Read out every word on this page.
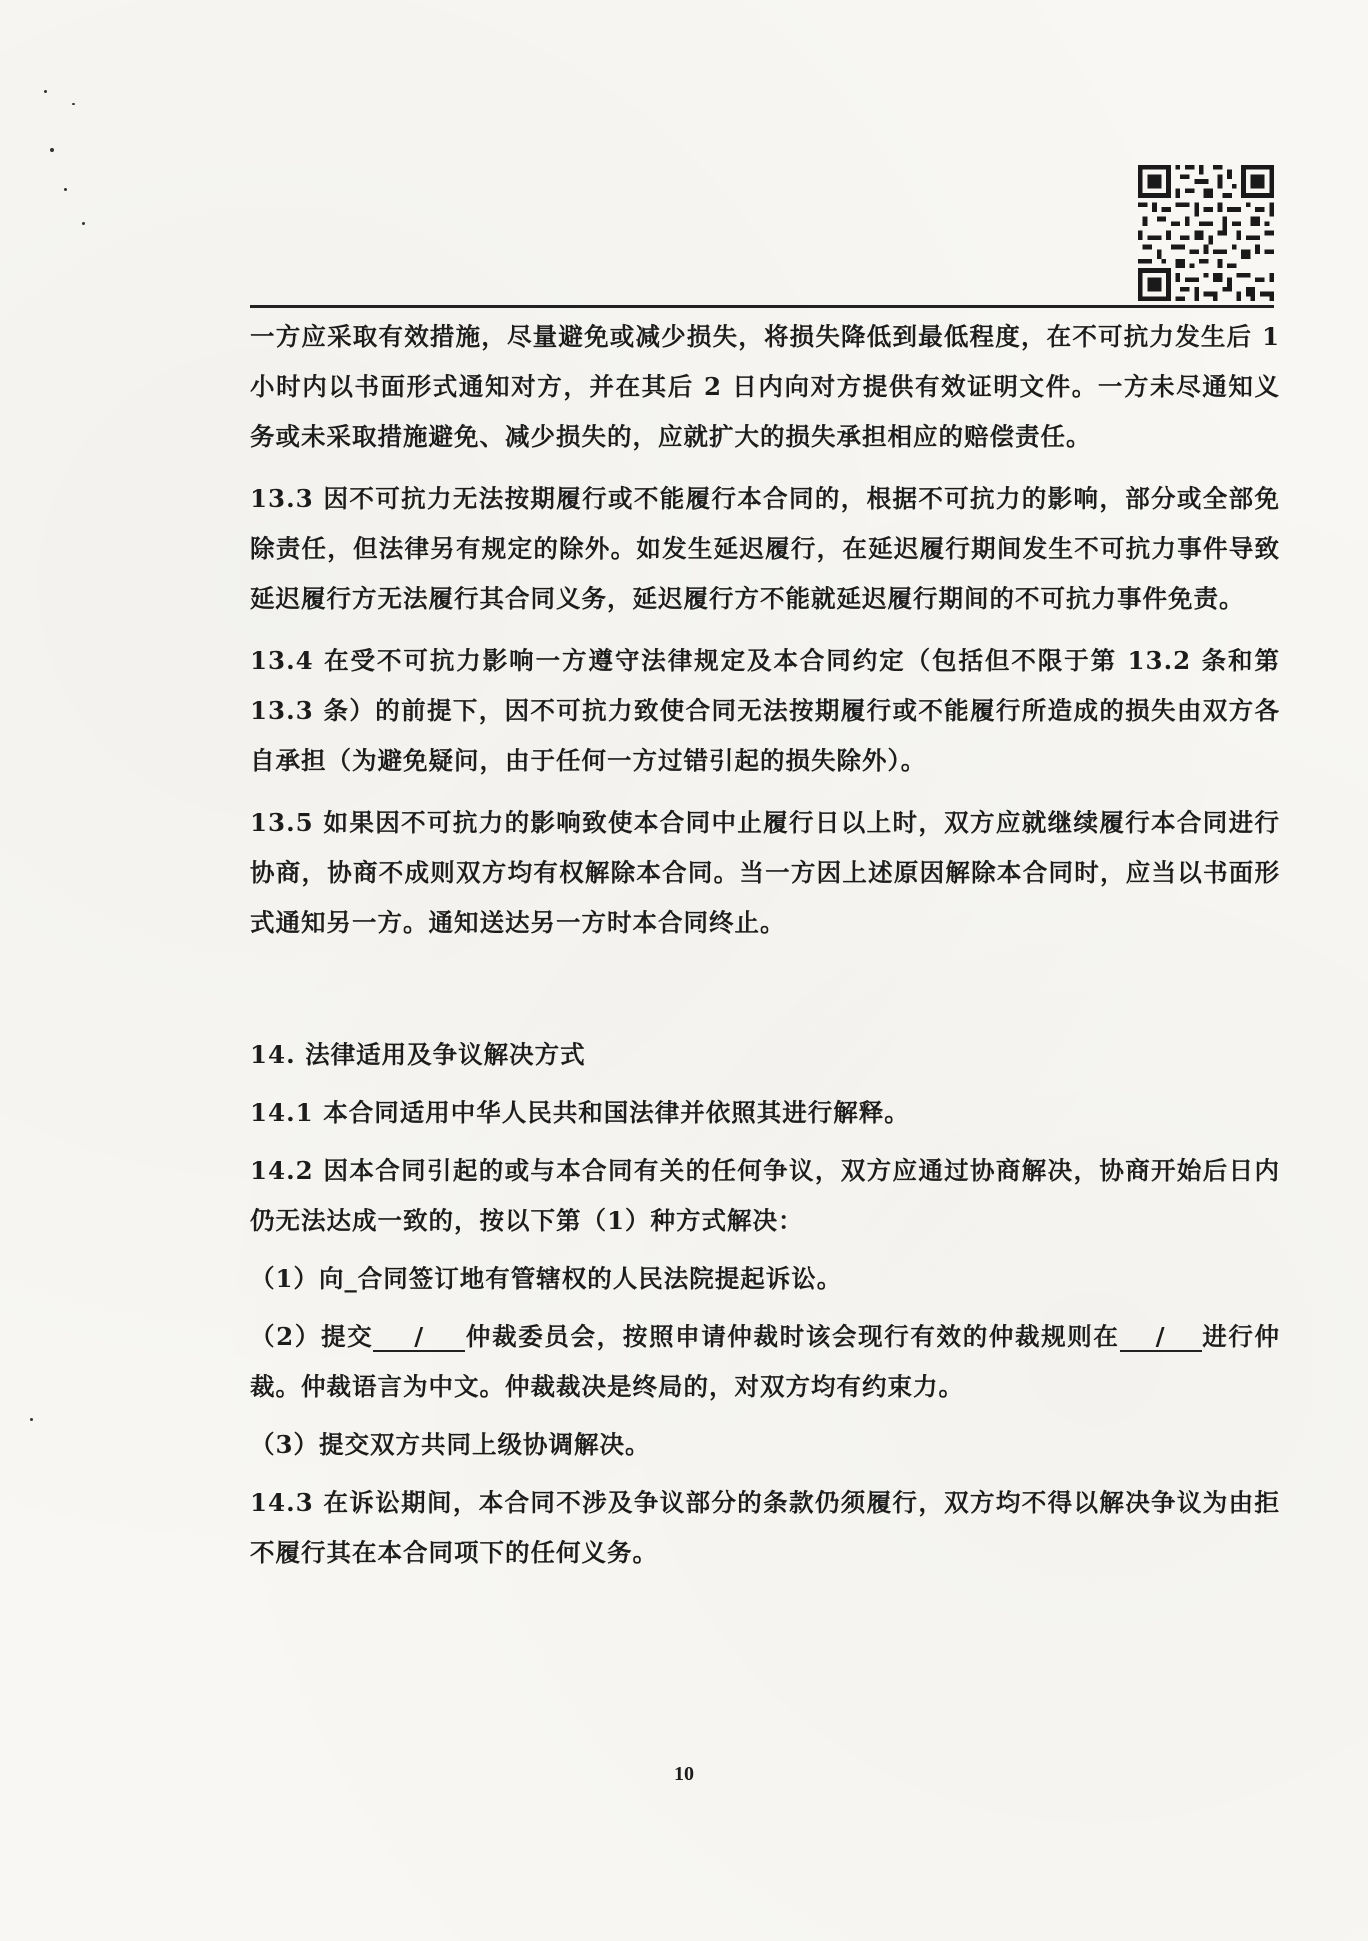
一方应采取有效措施，尽量避免或减少损失，将损失降低到最低程度，在不可抗力发生后 1 小时内以书面形式通知对方，并在其后 2 日内向对方提供有效证明文件。一方未尽通知义务或未采取措施避免、减少损失的，应就扩大的损失承担相应的赔偿责任。

13.3 因不可抗力无法按期履行或不能履行本合同的，根据不可抗力的影响，部分或全部免除责任，但法律另有规定的除外。如发生延迟履行，在延迟履行期间发生不可抗力事件导致延迟履行方无法履行其合同义务，延迟履行方不能就延迟履行期间的不可抗力事件免责。

13.4 在受不可抗力影响一方遵守法律规定及本合同约定（包括但不限于第 13.2 条和第 13.3 条）的前提下，因不可抗力致使合同无法按期履行或不能履行所造成的损失由双方各自承担（为避免疑问，由于任何一方过错引起的损失除外）。

13.5 如果因不可抗力的影响致使本合同中止履行日以上时，双方应就继续履行本合同进行协商，协商不成则双方均有权解除本合同。当一方因上述原因解除本合同时，应当以书面形式通知另一方。通知送达另一方时本合同终止。

14. 法律适用及争议解决方式

14.1 本合同适用中华人民共和国法律并依照其进行解释。

14.2 因本合同引起的或与本合同有关的任何争议，双方应通过协商解决，协商开始后日内仍无法达成一致的，按以下第（1）种方式解决：

（1）向_合同签订地有管辖权的人民法院提起诉讼。

（2）提交 / 仲裁委员会，按照申请仲裁时该会现行有效的仲裁规则在 / 进行仲裁。仲裁语言为中文。仲裁裁决是终局的，对双方均有约束力。

（3）提交双方共同上级协调解决。

14.3 在诉讼期间，本合同不涉及争议部分的条款仍须履行，双方均不得以解决争议为由拒不履行其在本合同项下的任何义务。

10
